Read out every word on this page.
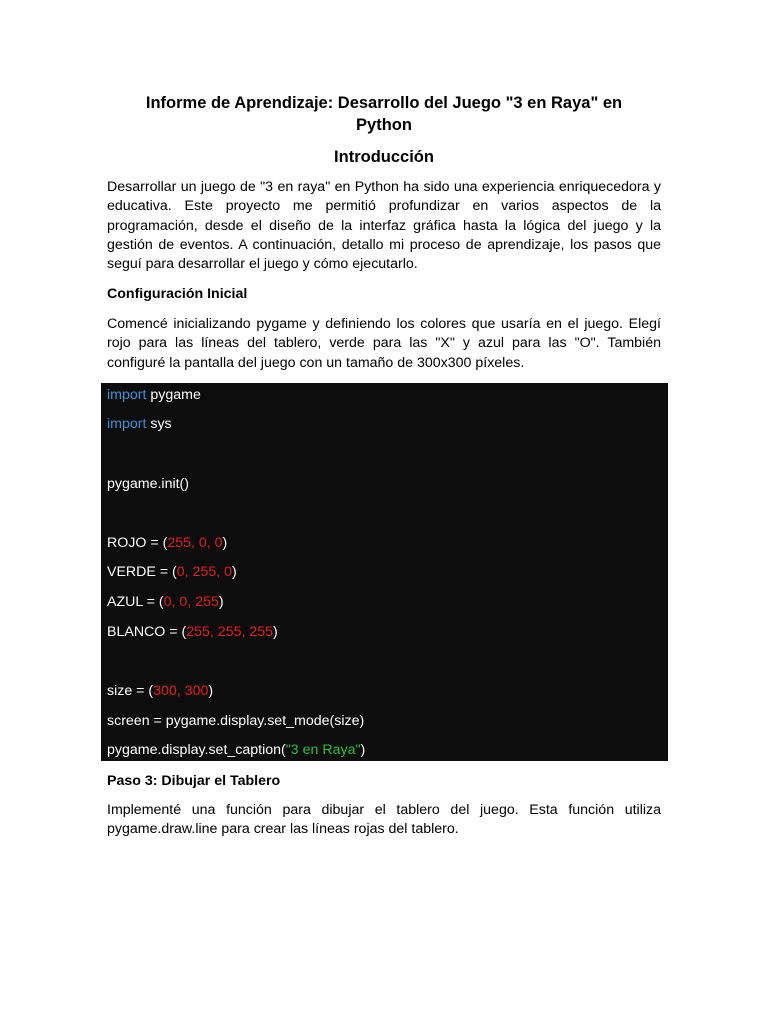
Informe de Aprendizaje: Desarrollo del Juego "3 en Raya" en
Python
Introducción
Desarrollar un juego de "3 en raya" en Python ha sido una experiencia enriquecedora y educativa. Este proyecto me permitió profundizar en varios aspectos de la programación, desde el diseño de la interfaz gráfica hasta la lógica del juego y la gestión de eventos. A continuación, detallo mi proceso de aprendizaje, los pasos que seguí para desarrollar el juego y cómo ejecutarlo.
Configuración Inicial
Comencé inicializando pygame y definiendo los colores que usaría en el juego. Elegí rojo para las líneas del tablero, verde para las "X" y azul para las "O". También configuré la pantalla del juego con un tamaño de 300x300 píxeles.
import pygame
import sys
pygame.init()
ROJO = (255, 0, 0)
VERDE = (0, 255, 0)
AZUL = (0, 0, 255)
BLANCO = (255, 255, 255)
size = (300, 300)
screen = pygame.display.set_mode(size)
pygame.display.set_caption("3 en Raya")
Paso 3: Dibujar el Tablero
Implementé una función para dibujar el tablero del juego. Esta función utiliza pygame.draw.line para crear las líneas rojas del tablero.
